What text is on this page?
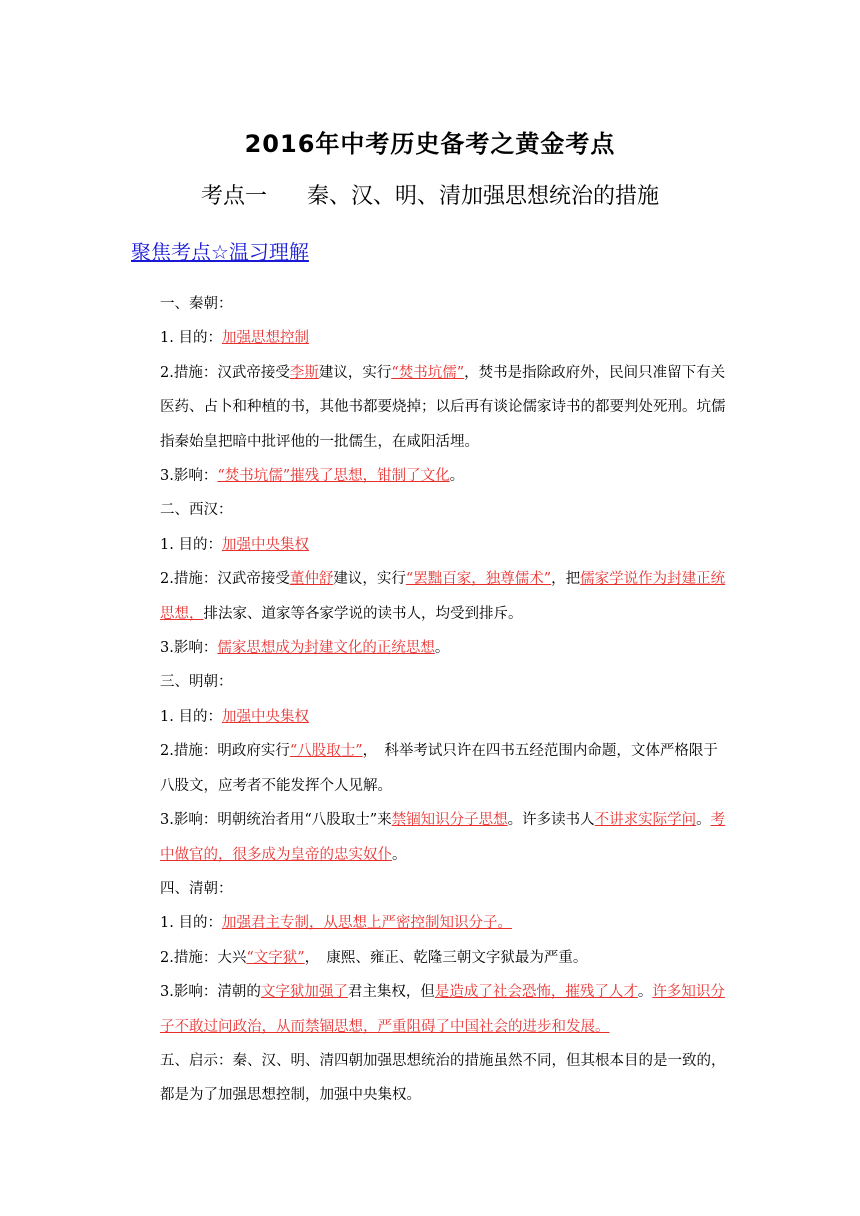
2016年中考历史备考之黄金考点
考点一 秦、汉、明、清加强思想统治的措施
聚焦考点☆温习理解

一、秦朝：

1. 目的：加强思想控制

2.措施：汉武帝接受李斯建议，实行“焚书坑儒”，焚书是指除政府外，民间只准留下有关医药、占卜和种植的书，其他书都要烧掉；以后再有谈论儒家诗书的都要判处死刑。坑儒指秦始皇把暗中批评他的一批儒生，在咸阳活埋。

3.影响：“焚书坑儒”摧残了思想，钳制了文化。

二、西汉：

1. 目的：加强中央集权

2.措施：汉武帝接受董仲舒建议，实行“罢黜百家，独尊儒术”，把儒家学说作为封建正统思想，排法家、道家等各家学说的读书人，均受到排斥。

3.影响：儒家思想成为封建文化的正统思想。

三、明朝：

1. 目的：加强中央集权

2.措施：明政府实行“八股取士”，　科举考试只许在四书五经范围内命题，文体严格限于八股文，应考者不能发挥个人见解。

3.影响：明朝统治者用“八股取士”来禁锢知识分子思想。许多读书人不讲求实际学问。考中做官的，很多成为皇帝的忠实奴仆。

四、清朝：

1. 目的：加强君主专制，从思想上严密控制知识分子。

2.措施：大兴“文字狱”，　康熙、雍正、乾隆三朝文字狱最为严重。

3.影响：清朝的文字狱加强了君主集权，但是造成了社会恐怖，摧残了人才。许多知识分子不敢过问政治，从而禁锢思想，严重阻碍了中国社会的进步和发展。

五、启示：秦、汉、明、清四朝加强思想统治的措施虽然不同，但其根本目的是一致的，都是为了加强思想控制，加强中央集权。
